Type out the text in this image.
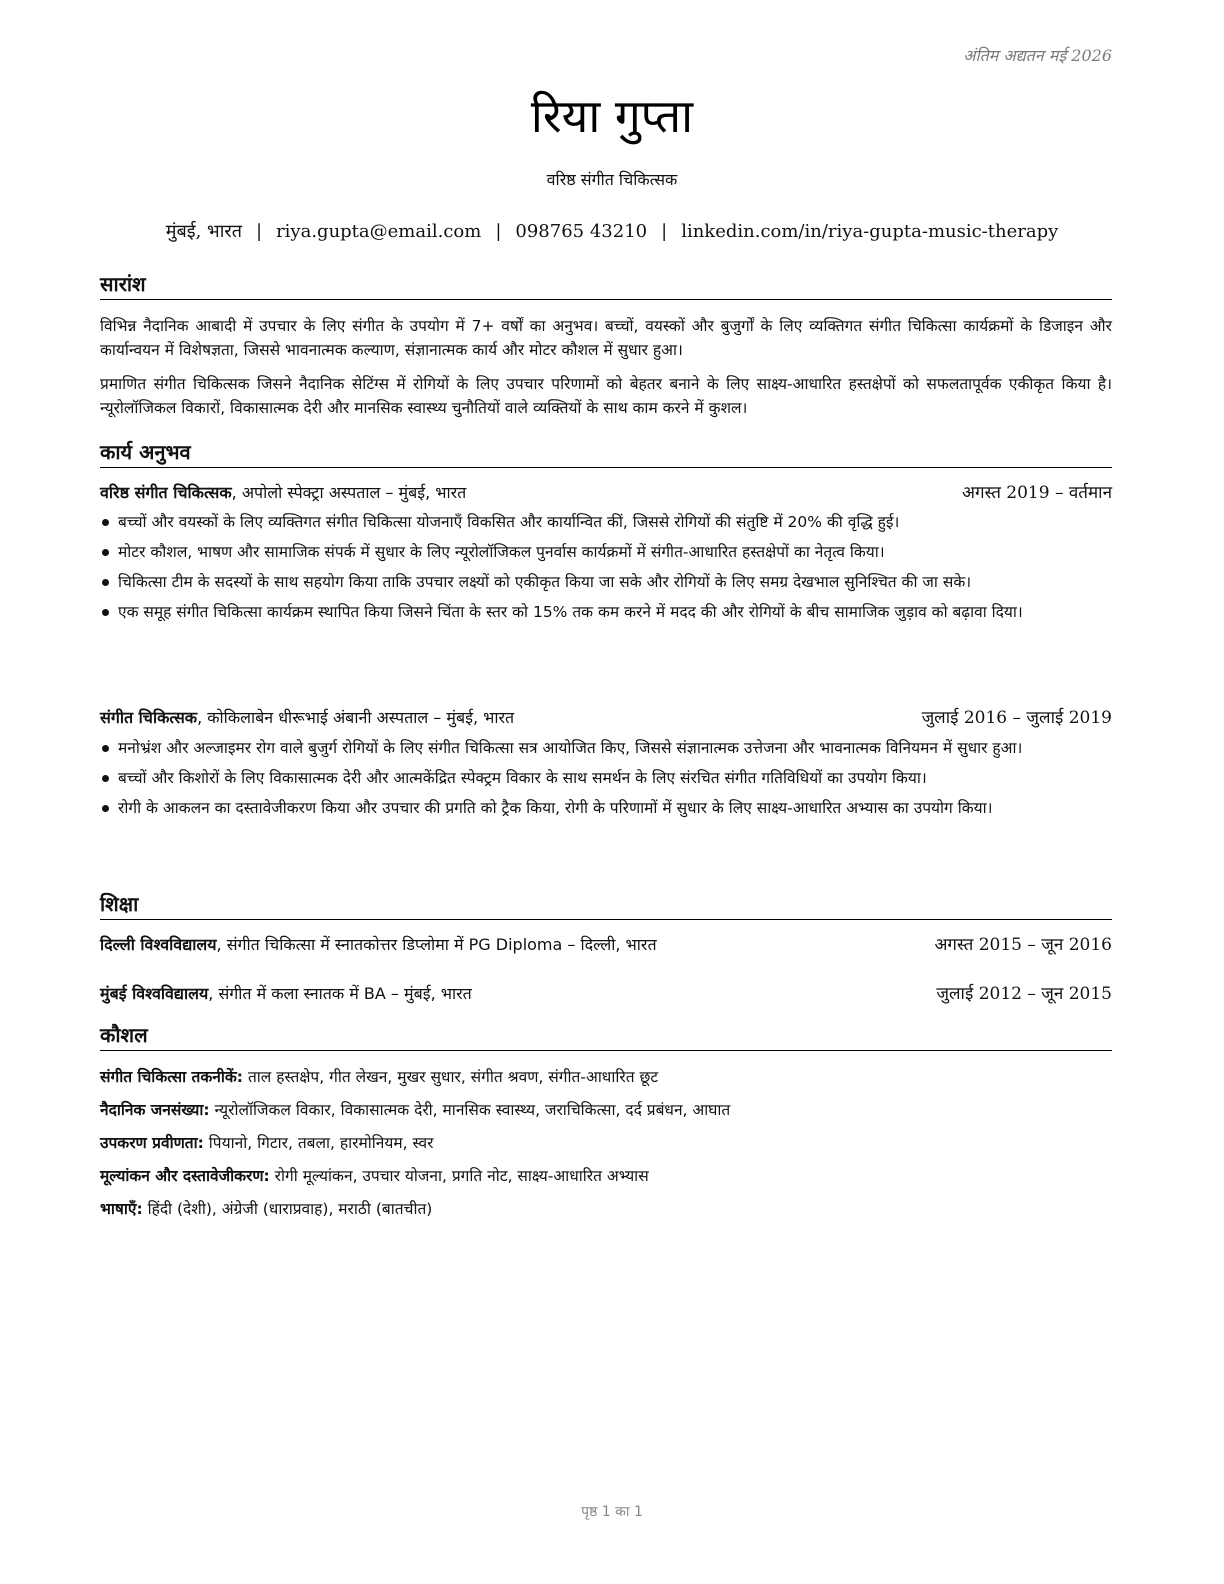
अंतिम अद्यतन मई 2026
रिया गुप्ता
वरिष्ठ संगीत चिकित्सक
मुंबई, भारत | riya.gupta@email.com | 098765 43210 | linkedin.com/in/riya-gupta-music-therapy
सारांश
विभिन्न नैदानिक आबादी में उपचार के लिए संगीत के उपयोग में 7+ वर्षों का अनुभव। बच्चों, वयस्कों और बुजुर्गों के लिए व्यक्तिगत संगीत चिकित्सा कार्यक्रमों के डिजाइन और कार्यान्वयन में विशेषज्ञता, जिससे भावनात्मक कल्याण, संज्ञानात्मक कार्य और मोटर कौशल में सुधार हुआ।
प्रमाणित संगीत चिकित्सक जिसने नैदानिक सेटिंग्स में रोगियों के लिए उपचार परिणामों को बेहतर बनाने के लिए साक्ष्य-आधारित हस्तक्षेपों को सफलतापूर्वक एकीकृत किया है। न्यूरोलॉजिकल विकारों, विकासात्मक देरी और मानसिक स्वास्थ्य चुनौतियों वाले व्यक्तियों के साथ काम करने में कुशल।
कार्य अनुभव
वरिष्ठ संगीत चिकित्सक, अपोलो स्पेक्ट्रा अस्पताल – मुंबई, भारत	अगस्त 2019 – वर्तमान
बच्चों और वयस्कों के लिए व्यक्तिगत संगीत चिकित्सा योजनाएँ विकसित और कार्यान्वित कीं, जिससे रोगियों की संतुष्टि में 20% की वृद्धि हुई।
मोटर कौशल, भाषण और सामाजिक संपर्क में सुधार के लिए न्यूरोलॉजिकल पुनर्वास कार्यक्रमों में संगीत-आधारित हस्तक्षेपों का नेतृत्व किया।
चिकित्सा टीम के सदस्यों के साथ सहयोग किया ताकि उपचार लक्ष्यों को एकीकृत किया जा सके और रोगियों के लिए समग्र देखभाल सुनिश्चित की जा सके।
एक समूह संगीत चिकित्सा कार्यक्रम स्थापित किया जिसने चिंता के स्तर को 15% तक कम करने में मदद की और रोगियों के बीच सामाजिक जुड़ाव को बढ़ावा दिया।
संगीत चिकित्सक, कोकिलाबेन धीरूभाई अंबानी अस्पताल – मुंबई, भारत	जुलाई 2016 – जुलाई 2019
मनोभ्रंश और अल्जाइमर रोग वाले बुजुर्ग रोगियों के लिए संगीत चिकित्सा सत्र आयोजित किए, जिससे संज्ञानात्मक उत्तेजना और भावनात्मक विनियमन में सुधार हुआ।
बच्चों और किशोरों के लिए विकासात्मक देरी और आत्मकेंद्रित स्पेक्ट्रम विकार के साथ समर्थन के लिए संरचित संगीत गतिविधियों का उपयोग किया।
रोगी के आकलन का दस्तावेजीकरण किया और उपचार की प्रगति को ट्रैक किया, रोगी के परिणामों में सुधार के लिए साक्ष्य-आधारित अभ्यास का उपयोग किया।
शिक्षा
दिल्ली विश्वविद्यालय, संगीत चिकित्सा में स्नातकोत्तर डिप्लोमा में PG Diploma – दिल्ली, भारत	अगस्त 2015 – जून 2016
मुंबई विश्वविद्यालय, संगीत में कला स्नातक में BA – मुंबई, भारत	जुलाई 2012 – जून 2015
कौशल
संगीत चिकित्सा तकनीकें: ताल हस्तक्षेप, गीत लेखन, मुखर सुधार, संगीत श्रवण, संगीत-आधारित छूट
नैदानिक जनसंख्या: न्यूरोलॉजिकल विकार, विकासात्मक देरी, मानसिक स्वास्थ्य, जराचिकित्सा, दर्द प्रबंधन, आघात
उपकरण प्रवीणता: पियानो, गिटार, तबला, हारमोनियम, स्वर
मूल्यांकन और दस्तावेजीकरण: रोगी मूल्यांकन, उपचार योजना, प्रगति नोट, साक्ष्य-आधारित अभ्यास
भाषाएँ: हिंदी (देशी), अंग्रेजी (धाराप्रवाह), मराठी (बातचीत)
पृष्ठ 1 का 1
